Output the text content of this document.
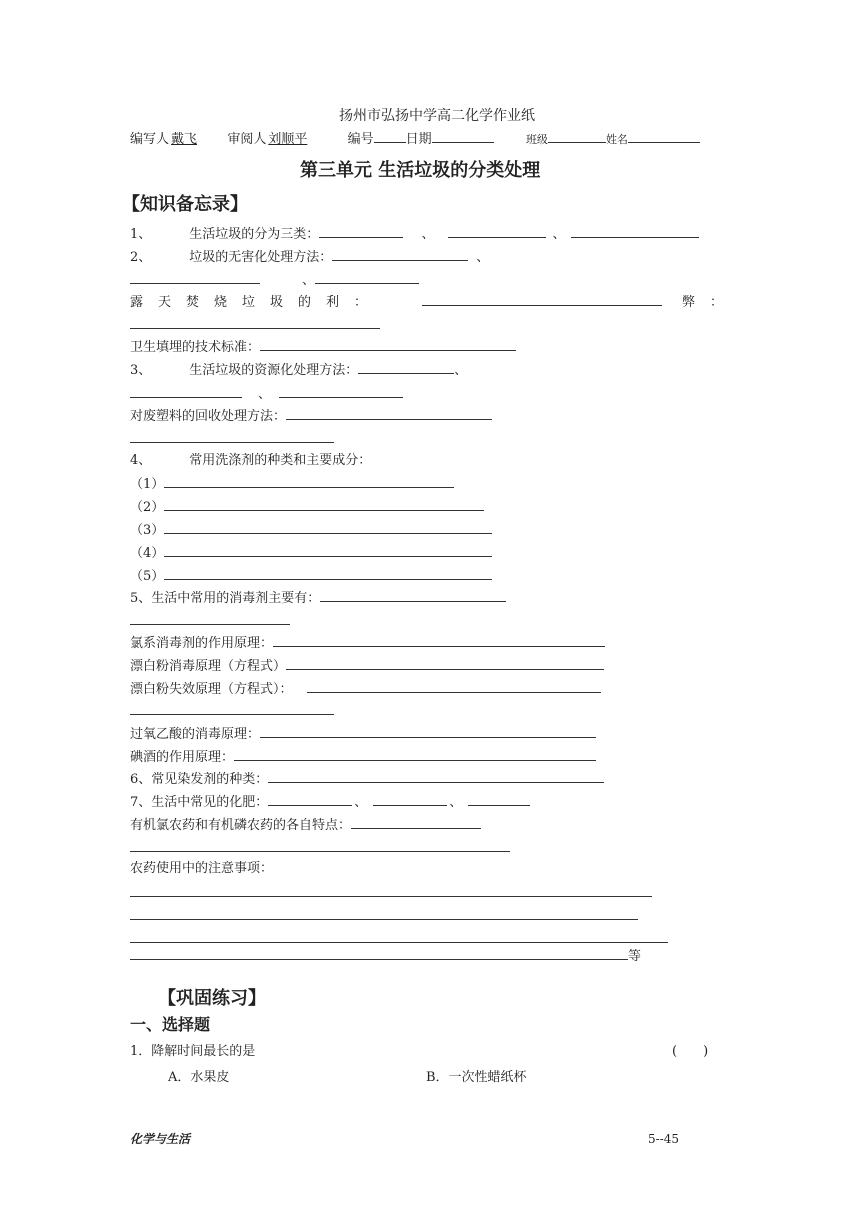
扬州市弘扬中学高二化学作业纸
编写人 戴飞 审阅人 刘顺平	编号 日期	班级	姓名
第三单元 生活垃圾的分类处理
【知识备忘录】
1、	生活垃圾的分为三类：	、	、
2、	垃圾的无害化处理方法：	、
、
露 天 焚 烧 垃 圾 的 利 ：	弊 ：
卫生填埋的技术标准：
3、	生活垃圾的资源化处理方法：	、
、
对废塑料的回收处理方法：
4、	常用洗涤剂的种类和主要成分：
（1）
（2）
（3）
（4）
（5）
5、生活中常用的消毒剂主要有：
氯系消毒剂的作用原理：
漂白粉消毒原理（方程式）
漂白粉失效原理（方程式）：
过氧乙酸的消毒原理：
碘酒的作用原理：
6、常见染发剂的种类：
7、生活中常见的化肥：	、	、
有机氯农药和有机磷农药的各自特点：
农药使用中的注意事项：
等
【巩固练习】
一、选择题
1．降解时间最长的是	(　　)
A．水果皮	B．一次性蜡纸杯
化学与生活	5--45
